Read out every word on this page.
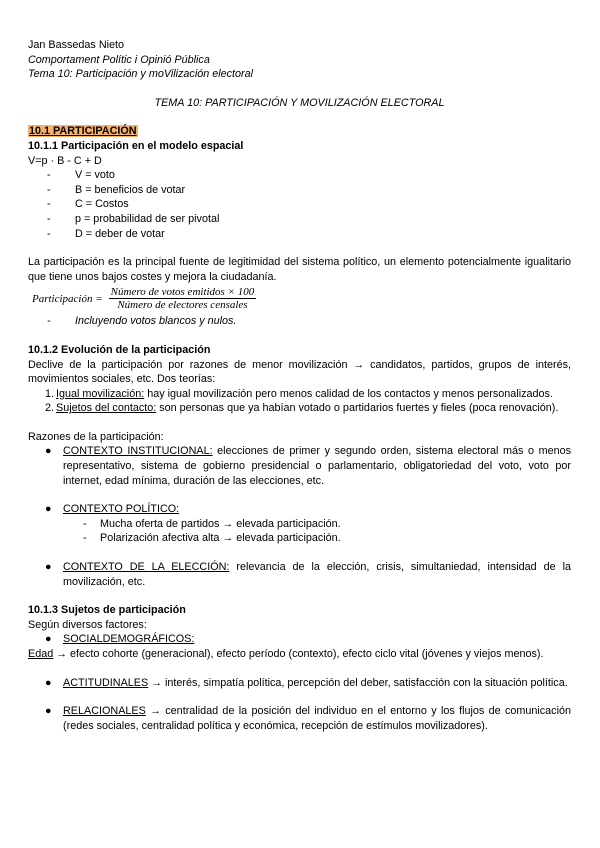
Jan Bassedas Nieto
Comportament Polític i Opinió Pública
Tema 10: Participación y moVilización electoral
TEMA 10: PARTICIPACIÓN Y MOVILIZACIÓN ELECTORAL
10.1 PARTICIPACIÓN
10.1.1 Participación en el modelo espacial
V=p · B - C + D
- V = voto
- B = beneficios de votar
- C = Costos
- p = probabilidad de ser pivotal
- D = deber de votar
La participación es la principal fuente de legitimidad del sistema político, un elemento potencialmente igualitario que tiene unos bajos costes y mejora la ciudadanía.
Participación = $\frac{\text{Número de votos emitidos × 100}}{\text{Número de electores censales}}$
- Incluyendo votos blancos y nulos.
10.1.2 Evolución de la participación
Declive de la participación por razones de menor movilización → candidatos, partidos, grupos de interés, movimientos sociales, etc. Dos teorías:
1. Igual movilización: hay igual movilización pero menos calidad de los contactos y menos personalizados.
2. Sujetos del contacto: son personas que ya habían votado o partidarios fuertes y fieles (poca renovación).
Razones de la participación:
● CONTEXTO INSTITUCIONAL: elecciones de primer y segundo orden, sistema electoral más o menos representativo, sistema de gobierno presidencial o parlamentario, obligatoriedad del voto, voto por internet, edad mínima, duración de las elecciones, etc.
● CONTEXTO POLÍTICO:
- Mucha oferta de partidos → elevada participación.
- Polarización afectiva alta → elevada participación.
● CONTEXTO DE LA ELECCIÓN: relevancia de la elección, crisis, simultaniedad, intensidad de la movilización, etc.
10.1.3 Sujetos de participación
Según diversos factores:
● SOCIALDEMOGRÁFICOS:
Edad → efecto cohorte (generacional), efecto período (contexto), efecto ciclo vital (jóvenes y viejos menos).
● ACTITUDINALES → interés, simpatía política, percepción del deber, satisfacción con la situación política.
● RELACIONALES → centralidad de la posición del individuo en el entorno y los flujos de comunicación (redes sociales, centralidad política y económica, recepción de estímulos movilizadores).
